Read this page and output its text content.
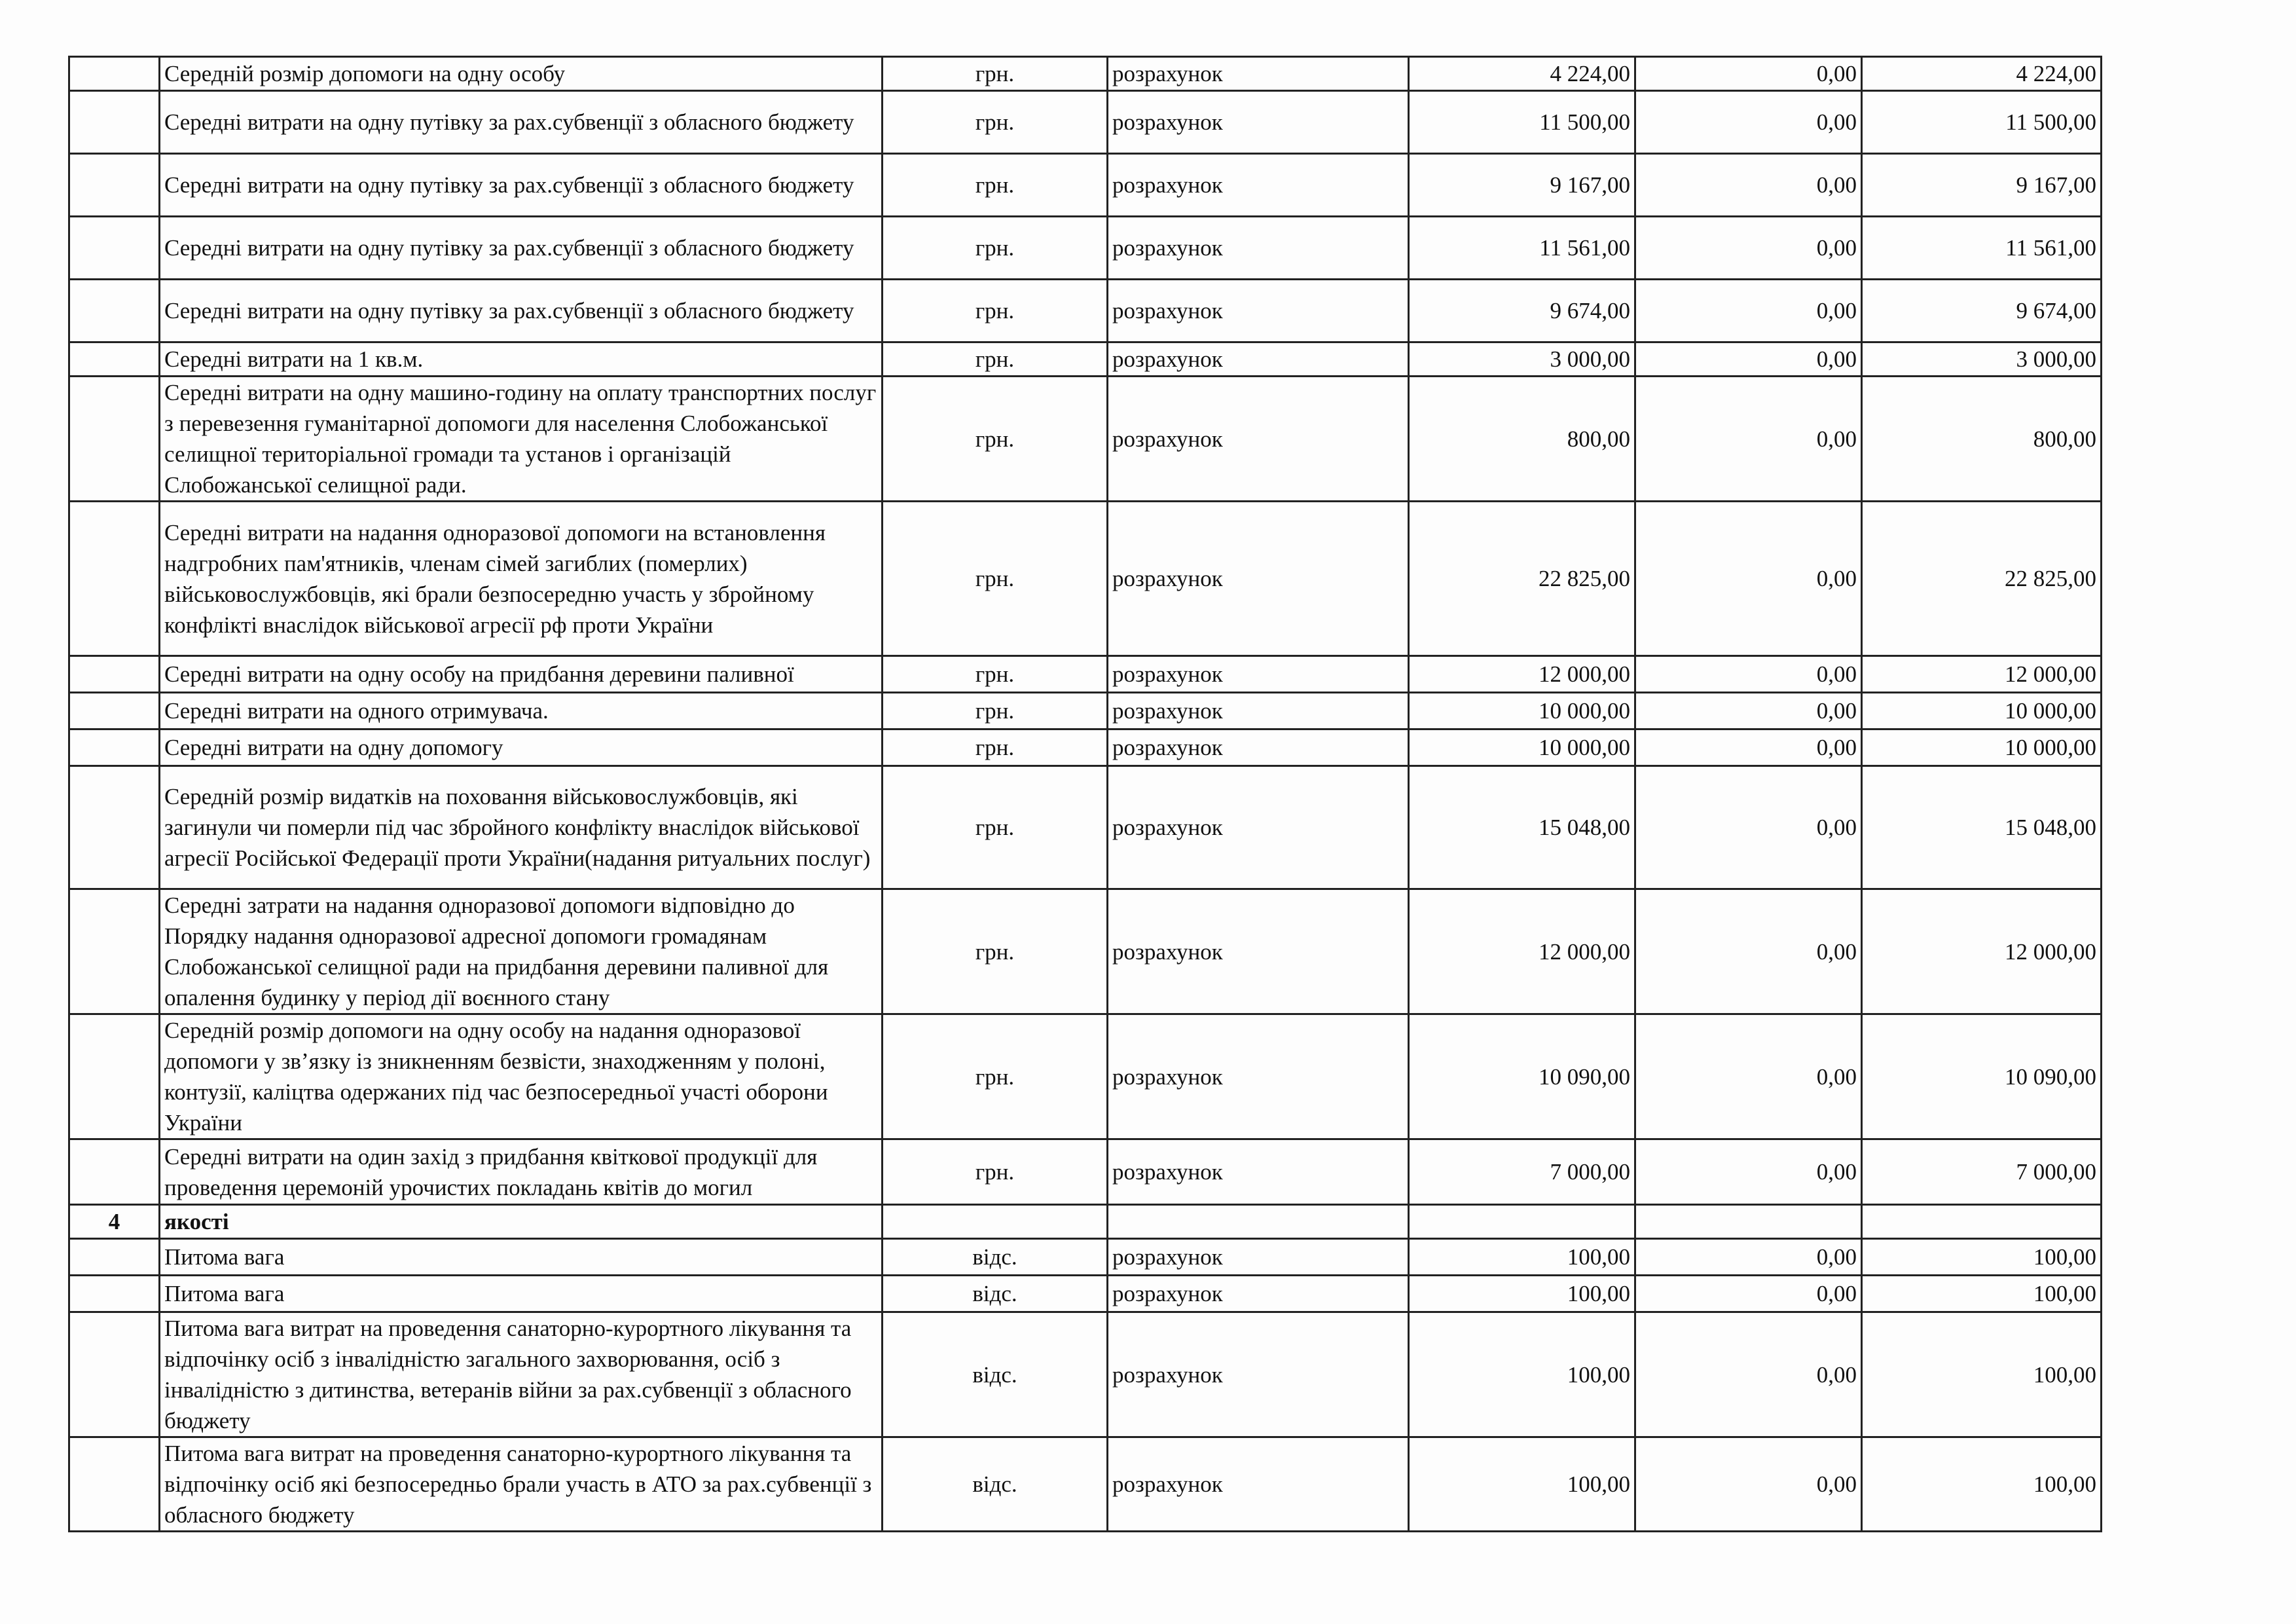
	Середній розмір допомоги на одну особу	грн.	розрахунок	4 224,00	0,00	4 224,00
	Середні витрати на одну путівку за рах.субвенції з обласного бюджету	грн.	розрахунок	11 500,00	0,00	11 500,00
	Середні витрати на одну путівку за рах.субвенції з обласного бюджету	грн.	розрахунок	9 167,00	0,00	9 167,00
	Середні витрати на одну путівку за рах.субвенції з обласного бюджету	грн.	розрахунок	11 561,00	0,00	11 561,00
	Середні витрати на одну путівку за рах.субвенції з обласного бюджету	грн.	розрахунок	9 674,00	0,00	9 674,00
	Середні витрати на 1 кв.м.	грн.	розрахунок	3 000,00	0,00	3 000,00
	Середні витрати на одну машино-годину на оплату транспортних послуг з перевезення гуманітарної допомоги для населення Слобожанської селищної територіальної громади та установ і організацій Слобожанської селищної ради.	грн.	розрахунок	800,00	0,00	800,00
	Середні витрати на надання одноразової допомоги на встановлення надгробних пам'ятників, членам сімей загиблих (померлих) військовослужбовців, які брали безпосередню участь у збройному конфлікті внаслідок військової агресії рф проти України	грн.	розрахунок	22 825,00	0,00	22 825,00
	Середні витрати на одну особу на придбання деревини паливної	грн.	розрахунок	12 000,00	0,00	12 000,00
	Середні витрати на одного отримувача.	грн.	розрахунок	10 000,00	0,00	10 000,00
	Середні витрати на одну допомогу	грн.	розрахунок	10 000,00	0,00	10 000,00
	Середній розмір видатків на поховання військовослужбовців, які загинули чи померли під час збройного конфлікту внаслідок військової агресії Російської Федерації проти України(надання ритуальних послуг)	грн.	розрахунок	15 048,00	0,00	15 048,00
	Середні затрати на надання одноразової допомоги відповідно до Порядку надання одноразової адресної допомоги громадянам Слобожанської селищної ради на придбання деревини паливної для опалення будинку у період дії воєнного стану	грн.	розрахунок	12 000,00	0,00	12 000,00
	Середній розмір допомоги на одну особу на надання одноразової допомоги у зв’язку із зникненням безвісти, знаходженням у полоні, контузії, каліцтва одержаних під час безпосередньої участі оборони України	грн.	розрахунок	10 090,00	0,00	10 090,00
	Середні витрати на один захід з придбання квіткової продукції для проведення церемоній урочистих покладань квітів до могил	грн.	розрахунок	7 000,00	0,00	7 000,00
4	якості					
	Питома вага	відс.	розрахунок	100,00	0,00	100,00
	Питома вага	відс.	розрахунок	100,00	0,00	100,00
	Питома вага витрат на проведення санаторно-курортного лікування та відпочінку осіб з інвалідністю загального захворювання, осіб з інвалідністю з дитинства, ветеранів війни за рах.субвенції з обласного бюджету	відс.	розрахунок	100,00	0,00	100,00
	Питома вага витрат на проведення санаторно-курортного лікування та відпочінку осіб які безпосередньо брали участь в АТО за рах.субвенції з обласного бюджету	відс.	розрахунок	100,00	0,00	100,00
